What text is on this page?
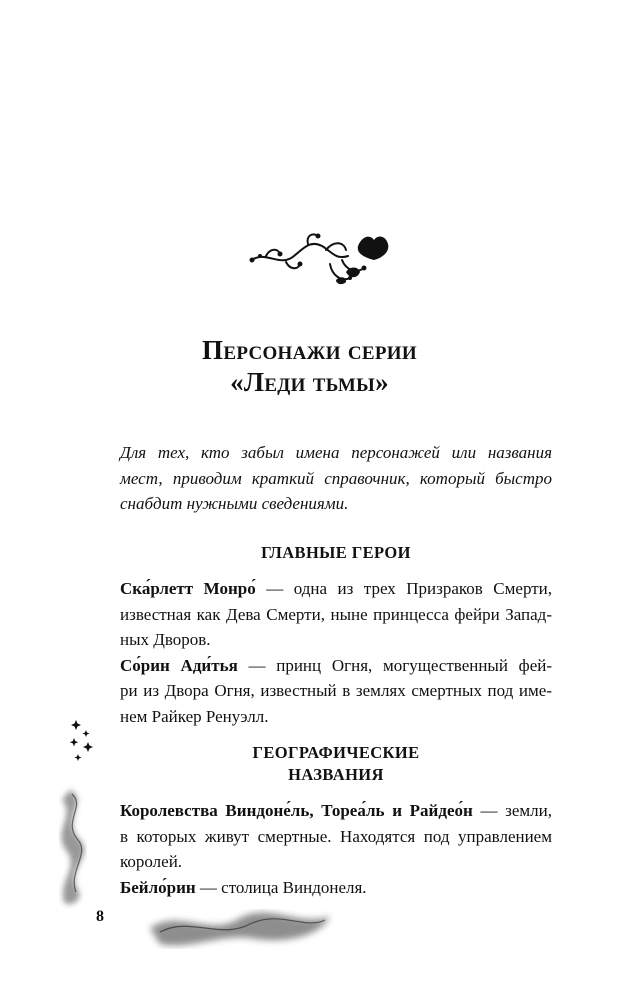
Персонажи серии
«Леди тьмы»
Для тех, кто забыл имена персонажей или названия
мест, приводим краткий справочник, который быстро
снабдит нужными сведениями.
ГЛАВНЫЕ ГЕРОИ
Ска́рлетт Монро́ — одна из трех Призраков Смерти,
известная как Дева Смерти, ныне принцесса фейри Запад-
ных Дворов.
Со́рин Ади́тья — принц Огня, могущественный фей-
ри из Двора Огня, известный в землях смертных под име-
нем Райкер Ренуэлл.
ГЕОГРАФИЧЕСКИЕ
НАЗВАНИЯ
Королевства Виндоне́ль, Тореа́ль и Райдео́н — земли,
в которых живут смертные. Находятся под управлением
королей.
Бейло́рин — столица Виндонеля.
8
